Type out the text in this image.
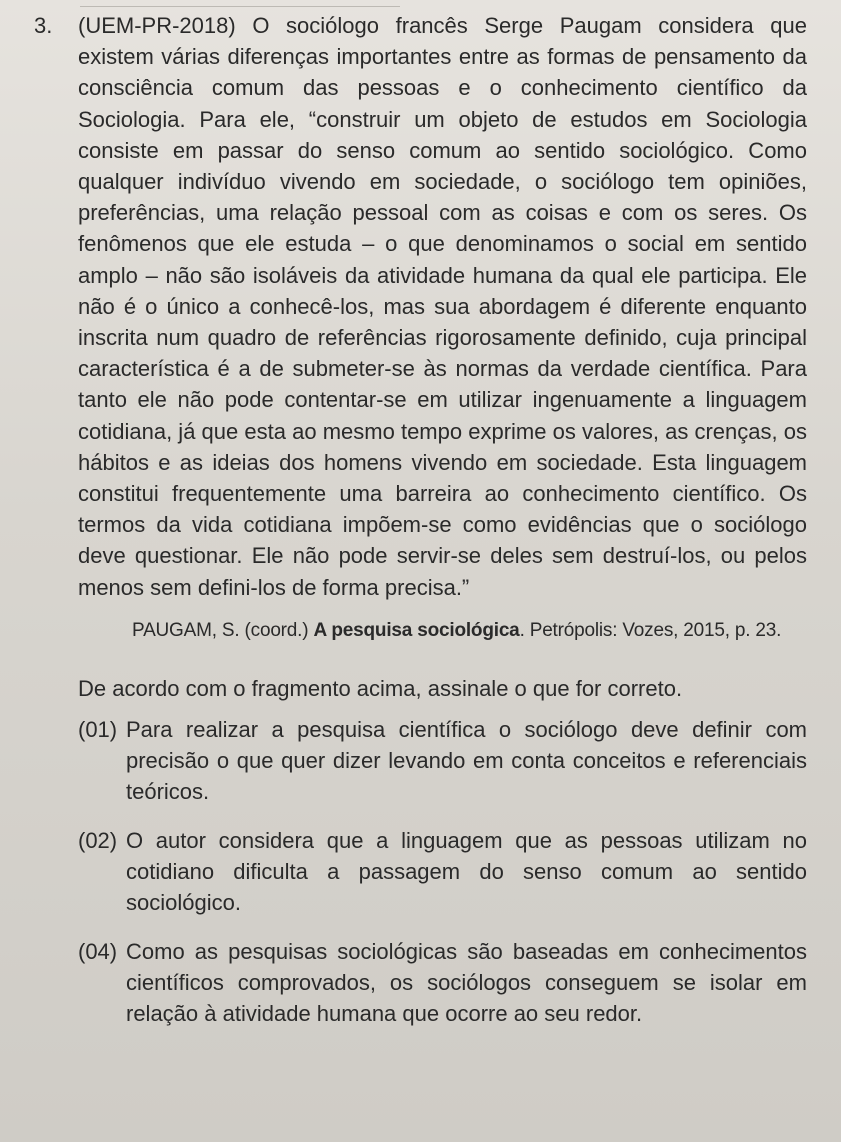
3.	(UEM-PR-2018) O sociólogo francês Serge Paugam considera que existem várias diferenças importantes entre as formas de pensamento da consciência comum das pessoas e o conhecimento científico da Sociologia. Para ele, “construir um objeto de estudos em Sociologia consiste em passar do senso comum ao sentido sociológico. Como qualquer indivíduo vivendo em sociedade, o sociólogo tem opiniões, preferências, uma relação pessoal com as coisas e com os seres. Os fenômenos que ele estuda – o que denominamos o social em sentido amplo – não são isoláveis da atividade humana da qual ele participa. Ele não é o único a conhecê-los, mas sua abordagem é diferente enquanto inscrita num quadro de referências rigorosamente definido, cuja principal característica é a de submeter-se às normas da verdade científica. Para tanto ele não pode contentar-se em utilizar ingenuamente a linguagem cotidiana, já que esta ao mesmo tempo exprime os valores, as crenças, os hábitos e as ideias dos homens vivendo em sociedade. Esta linguagem constitui frequentemente uma barreira ao conhecimento científico. Os termos da vida cotidiana impõem-se como evidências que o sociólogo deve questionar. Ele não pode servir-se deles sem destruí-los, ou pelos menos sem defini-los de forma precisa.”

PAUGAM, S. (coord.) A pesquisa sociológica. Petrópolis: Vozes, 2015, p. 23.

De acordo com o fragmento acima, assinale o que for correto.

(01) Para realizar a pesquisa científica o sociólogo deve definir com precisão o que quer dizer levando em conta conceitos e referenciais teóricos.

(02) O autor considera que a linguagem que as pessoas utilizam no cotidiano dificulta a passagem do senso comum ao sentido sociológico.

(04) Como as pesquisas sociológicas são baseadas em conhecimentos científicos comprovados, os sociólogos conseguem se isolar em relação à atividade humana que ocorre ao seu redor.
